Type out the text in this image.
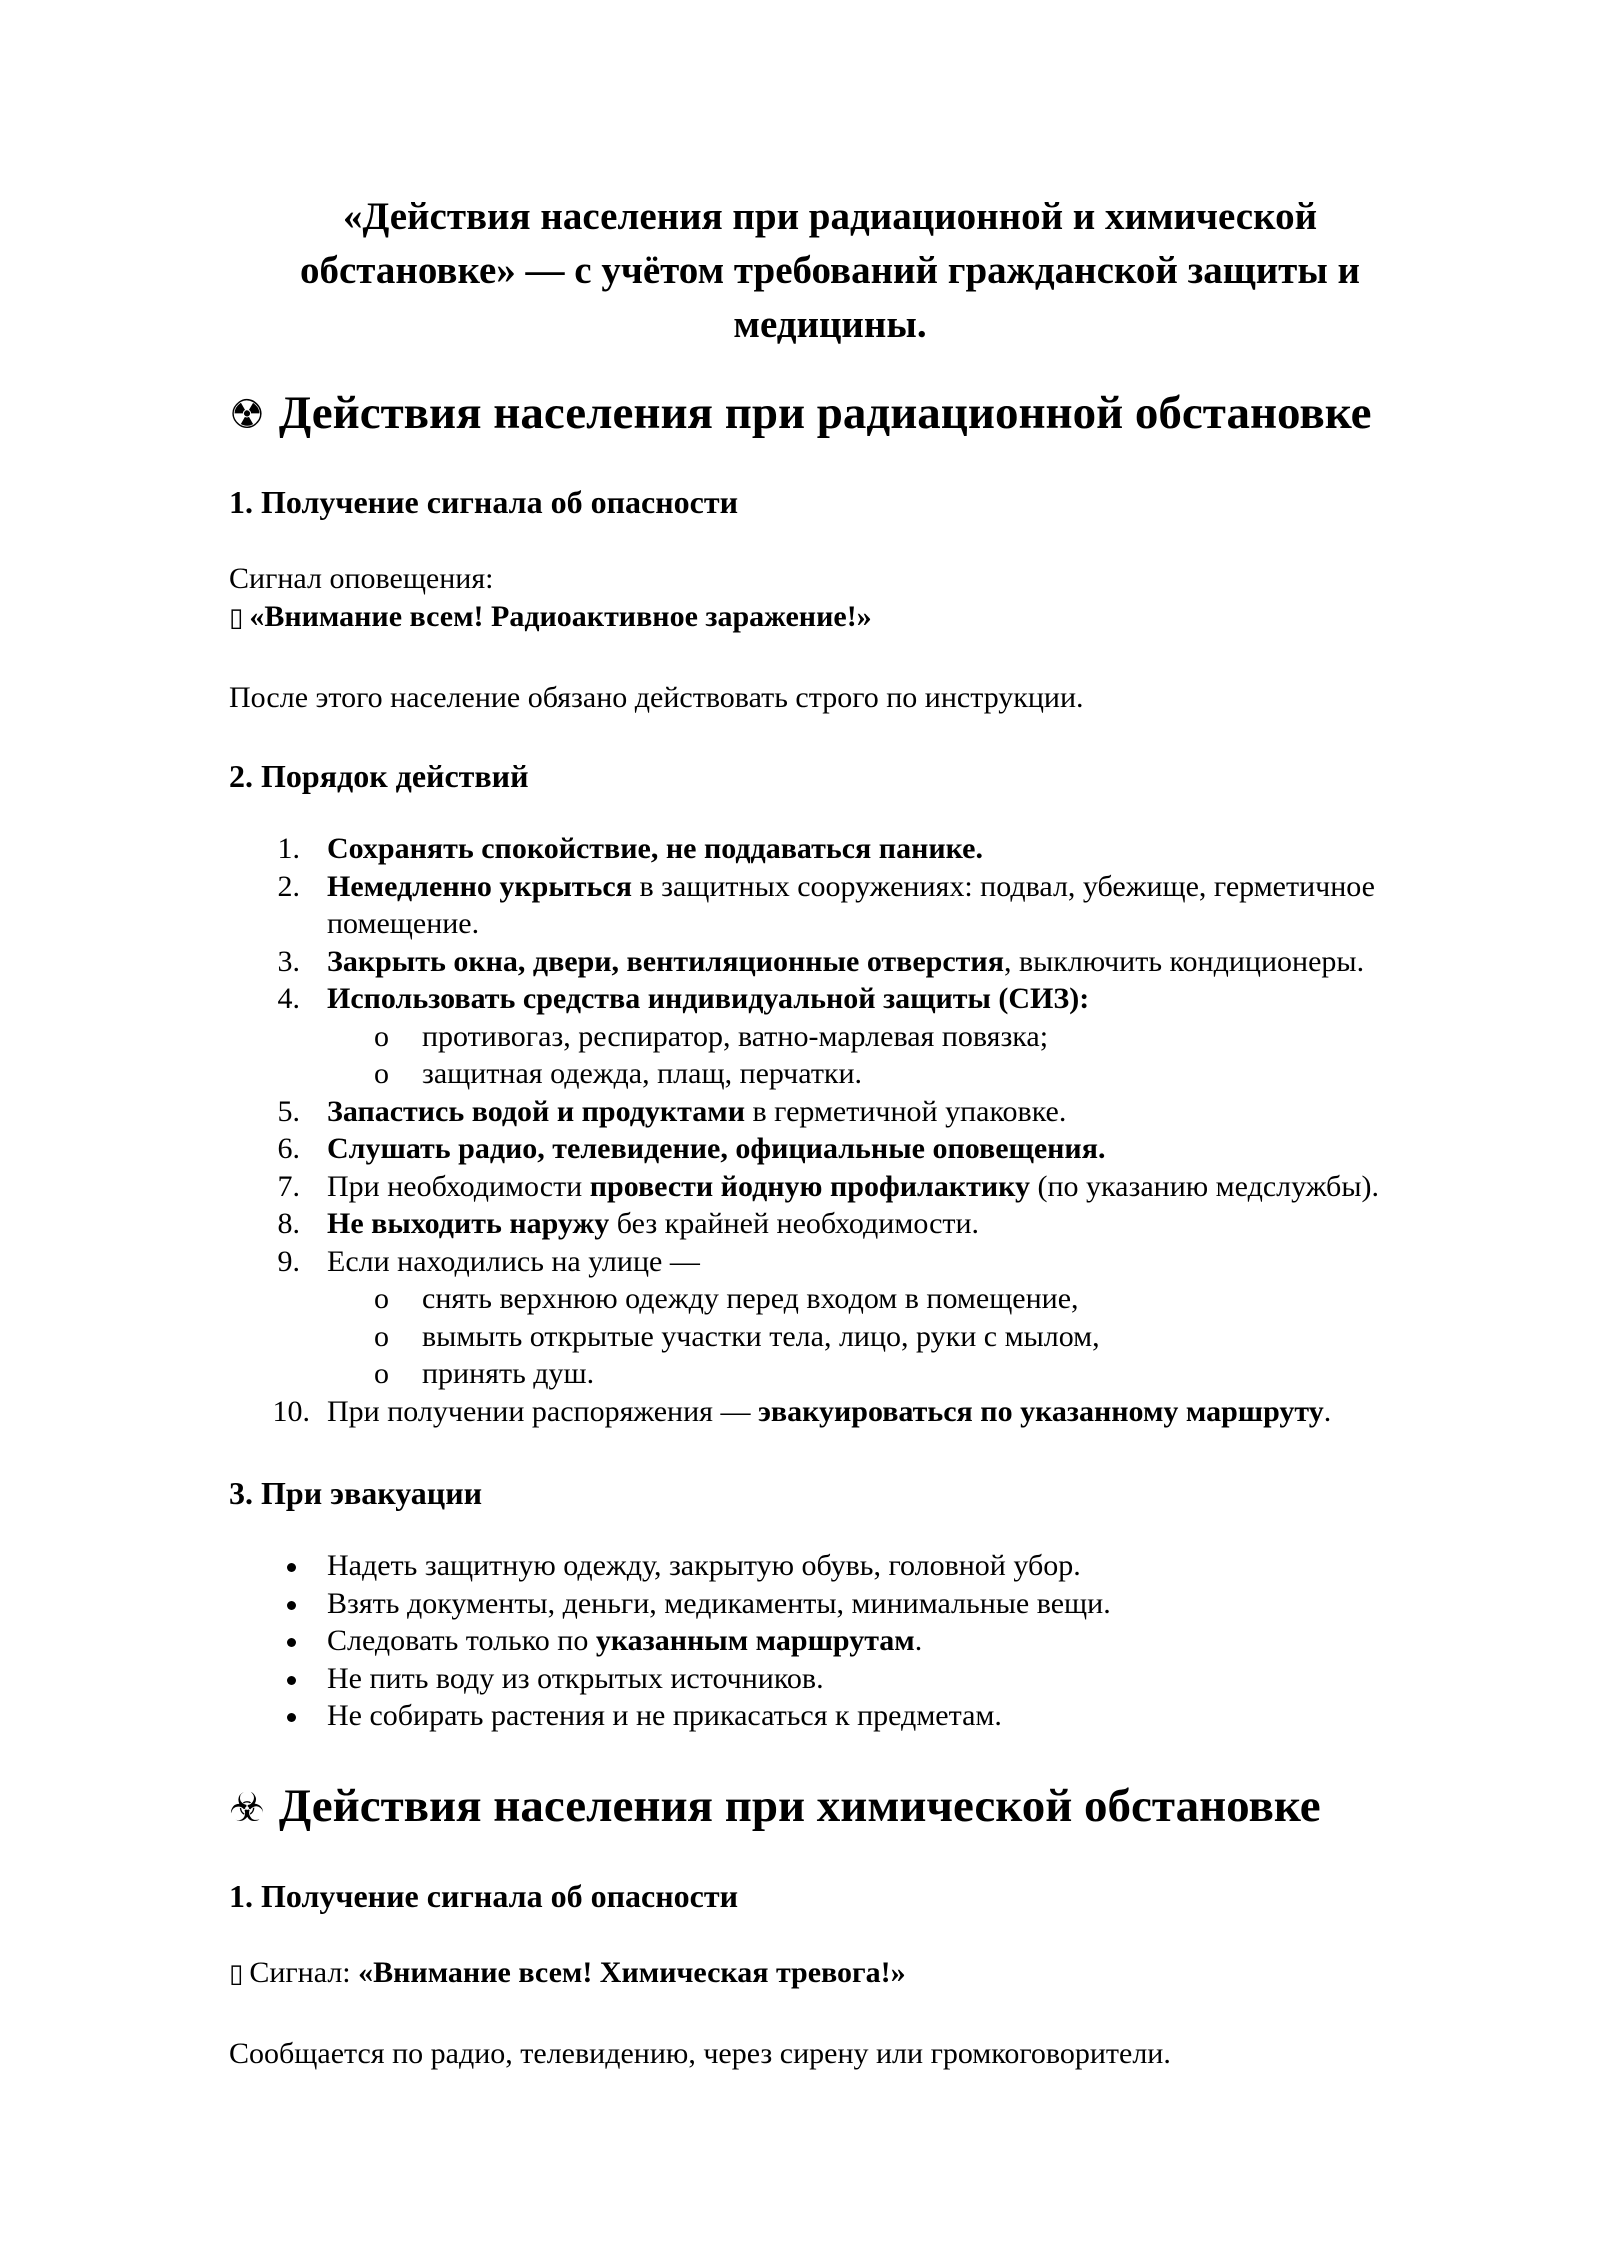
«Действия населения при радиационной и химической
обстановке» — с учётом требований гражданской защиты и
медицины.
☢ Действия населения при радиационной обстановке
1. Получение сигнала об опасности
Сигнал оповещения:
▯ «Внимание всем! Радиоактивное заражение!»
После этого население обязано действовать строго по инструкции.
2. Порядок действий
1. Сохранять спокойствие, не поддаваться панике.
2. Немедленно укрыться в защитных сооружениях: подвал, убежище, герметичное помещение.
3. Закрыть окна, двери, вентиляционные отверстия, выключить кондиционеры.
4. Использовать средства индивидуальной защиты (СИЗ):
o противогаз, респиратор, ватно-марлевая повязка;
o защитная одежда, плащ, перчатки.
5. Запастись водой и продуктами в герметичной упаковке.
6. Слушать радио, телевидение, официальные оповещения.
7. При необходимости провести йодную профилактику (по указанию медслужбы).
8. Не выходить наружу без крайней необходимости.
9. Если находились на улице —
o снять верхнюю одежду перед входом в помещение,
o вымыть открытые участки тела, лицо, руки с мылом,
o принять душ.
10. При получении распоряжения — эвакуироваться по указанному маршруту.
3. При эвакуации
Надеть защитную одежду, закрытую обувь, головной убор.
Взять документы, деньги, медикаменты, минимальные вещи.
Следовать только по указанным маршрутам.
Не пить воду из открытых источников.
Не собирать растения и не прикасаться к предметам.
☣ Действия населения при химической обстановке
1. Получение сигнала об опасности
▯ Сигнал: «Внимание всем! Химическая тревога!»
Сообщается по радио, телевидению, через сирену или громкоговорители.
